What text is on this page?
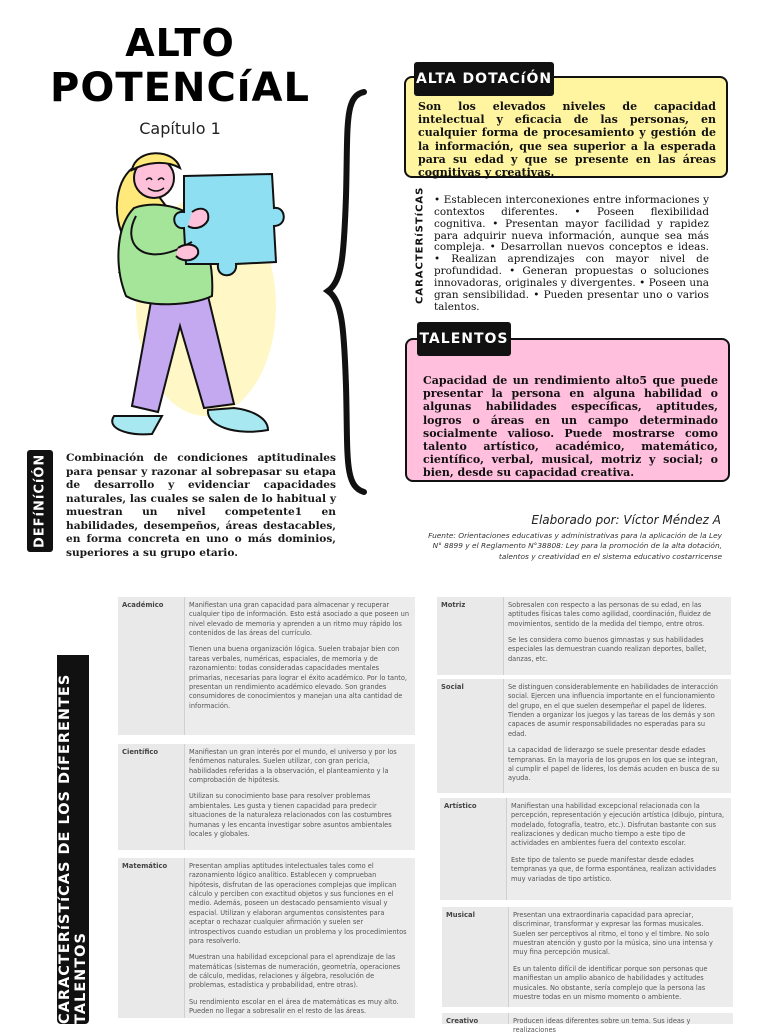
ALTO
POTENCíAL
Capítulo 1
DEFíNíCíÓN	Combinación de condiciones aptitudinales para pensar y razonar al sobrepasar su etapa de desarrollo y evidenciar capacidades naturales, las cuales se salen de lo habitual y muestran un nivel competente1 en habilidades, desempeños, áreas destacables, en forma concreta en uno o más dominios, superiores a su grupo etario.
Son los elevados niveles de capacidad intelectual y eficacia de las personas, en cualquier forma de procesamiento y gestión de la información, que sea superior a la esperada para su edad y que se presente en las áreas cognitivas y creativas.
ALTA DOTACíÓN
CARACTERíSTíCAS • Establecen interconexiones entre informaciones y contextos diferentes. • Poseen flexibilidad cognitiva. • Presentan mayor facilidad y rapidez para adquirir nueva información, aunque sea más compleja. • Desarrollan nuevos conceptos e ideas. • Realizan aprendizajes con mayor nivel de profundidad. • Generan propuestas o soluciones innovadoras, originales y divergentes. • Poseen una gran sensibilidad. • Pueden presentar uno o varios talentos.
Capacidad de un rendimiento alto5 que puede presentar la persona en alguna habilidad o algunas habilidades específicas, aptitudes, logros o áreas en un campo determinado socialmente valioso. Puede mostrarse como talento artístico, académico, matemático, científico, verbal, musical, motriz y social; o bien, desde su capacidad creativa.
TALENTOS
Elaborado por: Víctor Méndez A
Fuente: Orientaciones educativas y administrativas para la aplicación de la Ley N° 8899 y el Reglamento N°38808: Ley para la promoción de la alta dotación, talentos y creatividad en el sistema educativo costarricense
CARACTERíSTíCAS DE LOS DíFERENTES TALENTOS
Académico	Manifiestan una gran capacidad para almacenar y recuperar cualquier tipo de información. Esto está asociado a que poseen un nivel elevado de memoria y aprenden a un ritmo muy rápido los contenidos de las áreas del currículo.

Tienen una buena organización lógica. Suelen trabajar bien con tareas verbales, numéricas, espaciales, de memoria y de razonamiento: todas consideradas capacidades mentales primarias, necesarias para lograr el éxito académico. Por lo tanto, presentan un rendimiento académico elevado. Son grandes consumidores de conocimientos y manejan una alta cantidad de información.

Científico	Manifiestan un gran interés por el mundo, el universo y por los fenómenos naturales. Suelen utilizar, con gran pericia, habilidades referidas a la observación, el planteamiento y la comprobación de hipótesis.

Utilizan su conocimiento base para resolver problemas ambientales. Les gusta y tienen capacidad para predecir situaciones de la naturaleza relacionados con las costumbres humanas y les encanta investigar sobre asuntos ambientales locales y globales.

Matemático	Presentan amplias aptitudes intelectuales tales como el razonamiento lógico analítico. Establecen y comprueban hipótesis, disfrutan de las operaciones complejas que implican cálculo y perciben con exactitud objetos y sus funciones en el medio. Además, poseen un destacado pensamiento visual y espacial. Utilizan y elaboran argumentos consistentes para aceptar o rechazar cualquier afirmación y suelen ser introspectivos cuando estudian un problema y los procedimientos para resolverlo.

Muestran una habilidad excepcional para el aprendizaje de las matemáticas (sistemas de numeración, geometría, operaciones de cálculo, medidas, relaciones y álgebra, resolución de problemas, estadística y probabilidad, entre otras).

Su rendimiento escolar en el área de matemáticas es muy alto. Pueden no llegar a sobresalir en el resto de las áreas.

Motriz	Sobresalen con respecto a las personas de su edad, en las aptitudes físicas tales como agilidad, coordinación, fluidez de movimientos, sentido de la medida del tiempo, entre otros.

Se les considera como buenos gimnastas y sus habilidades especiales las demuestran cuando realizan deportes, ballet, danzas, etc.

Social	Se distinguen considerablemente en habilidades de interacción social. Ejercen una influencia importante en el funcionamiento del grupo, en el que suelen desempeñar el papel de líderes. Tienden a organizar los juegos y las tareas de los demás y son capaces de asumir responsabilidades no esperadas para su edad.

La capacidad de liderazgo se suele presentar desde edades tempranas. En la mayoría de los grupos en los que se integran, al cumplir el papel de líderes, los demás acuden en busca de su ayuda.

Artístico	Manifiestan una habilidad excepcional relacionada con la percepción, representación y ejecución artística (dibujo, pintura, modelado, fotografía, teatro, etc.). Disfrutan bastante con sus realizaciones y dedican mucho tiempo a este tipo de actividades en ambientes fuera del contexto escolar.

Este tipo de talento se puede manifestar desde edades tempranas ya que, de forma espontánea, realizan actividades muy variadas de tipo artístico.

Musical	Presentan una extraordinaria capacidad para apreciar, discriminar, transformar y expresar las formas musicales. Suelen ser perceptivos al ritmo, el tono y el timbre. No solo muestran atención y gusto por la música, sino una intensa y muy fina percepción musical.

Es un talento difícil de identificar porque son personas que manifiestan un amplio abanico de habilidades y actitudes musicales. No obstante, sería complejo que la persona las muestre todas en un mismo momento o ambiente.

Creativo	Producen ideas diferentes sobre un tema. Sus ideas y realizaciones
